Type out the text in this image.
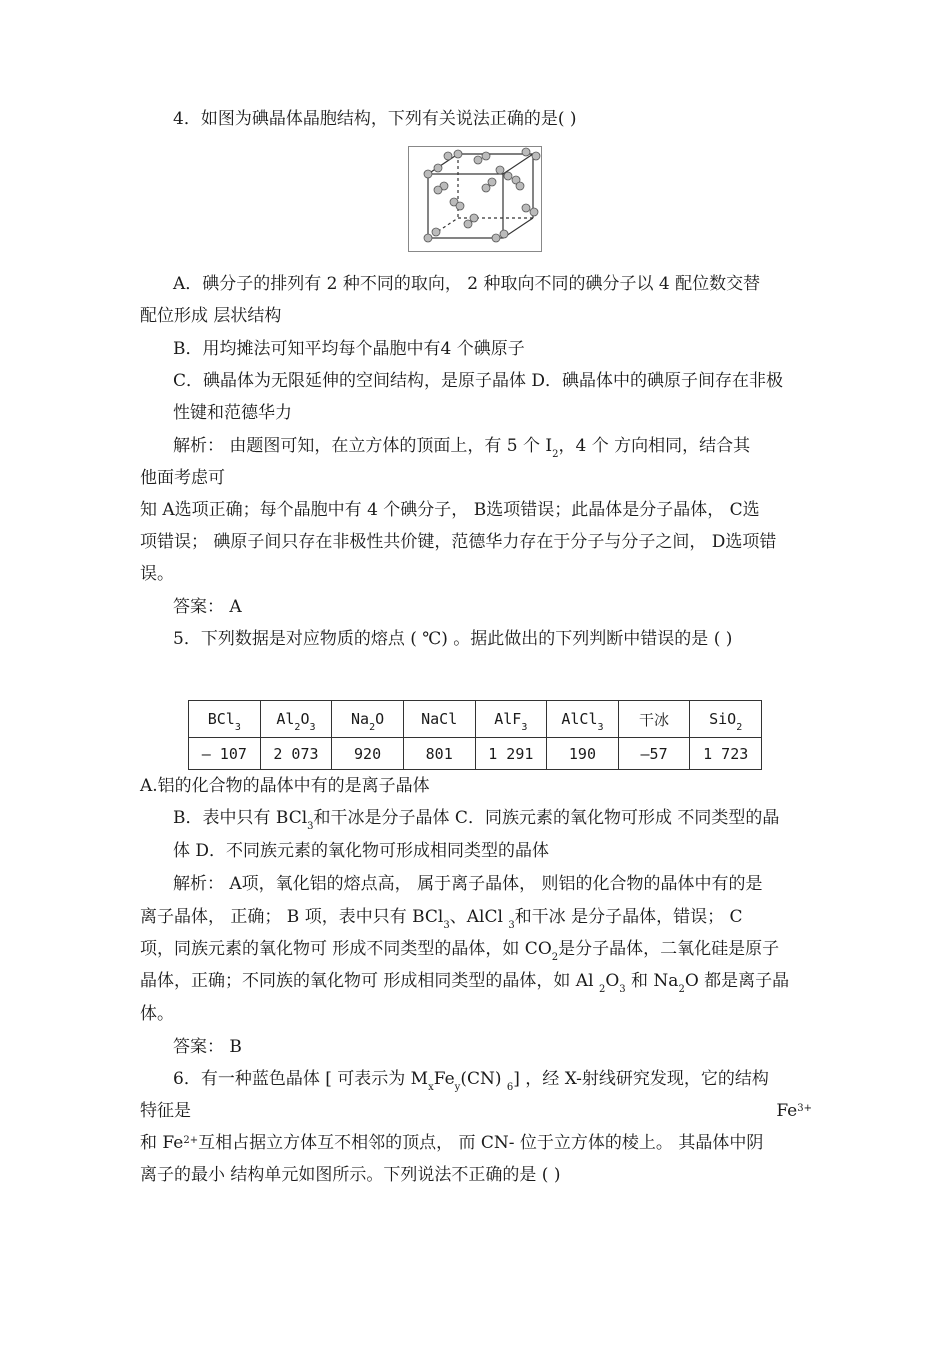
4．如图为碘晶体晶胞结构，下列有关说法正确的是( )
A．碘分子的排列有 2 种不同的取向， 2 种取向不同的碘分子以 4 配位数交替
配位形成 层状结构
B．用均摊法可知平均每个晶胞中有4 个碘原子
C．碘晶体为无限延伸的空间结构，是原子晶体 D．碘晶体中的碘原子间存在非极
性键和范德华力
解析： 由题图可知，在立方体的顶面上，有 5 个 $I_2$，4 个 方向相同，结合其
他面考虑可
知 A选项正确；每个晶胞中有 4 个碘分子， B选项错误；此晶体是分子晶体， C选
项错误； 碘原子间只存在非极性共价键，范德华力存在于分子与分子之间， D选项错
误。
答案： A
5．下列数据是对应物质的熔点 ( ℃) 。据此做出的下列判断中错误的是 ( )
BCl$_3$	$Al_2O_3$	$Na_2O$	NaCl	AlF$_3$	AlCl$_3$	干冰	SiO$_2$
— 107	2 073	920	801	1 291	190	—57	1 723
A.铝的化合物的晶体中有的是离子晶体
B．表中只有 BCl$_3$和干冰是分子晶体 C．同族元素的氧化物可形成 不同类型的晶
体 D．不同族元素的氧化物可形成相同类型的晶体
解析： A项，氧化铝的熔点高， 属于离子晶体， 则铝的化合物的晶体中有的是
离子晶体， 正确； B 项，表中只有 BCl$_3$、AlCl $_3$和干冰 是分子晶体，错误； C
项，同族元素的氧化物可 形成不同类型的晶体，如 $CO_2$是分子晶体，二氧化硅是原子
晶体，正确；不同族的氧化物可 形成相同类型的晶体，如 Al $_2O_3$ 和 $Na_2O$ 都是离子晶
体。
答案： B
6．有一种蓝色晶体 [ 可表示为 $M_xFe_y(CN)$ $_6$] ，经 X-射线研究发现，它的结构
特征是	$Fe^{3+}$
和 $Fe^{2+}$互相占据立方体互不相邻的顶点， 而 CN- 位于立方体的棱上。 其晶体中阴
离子的最小 结构单元如图所示。下列说法不正确的是 ( )
